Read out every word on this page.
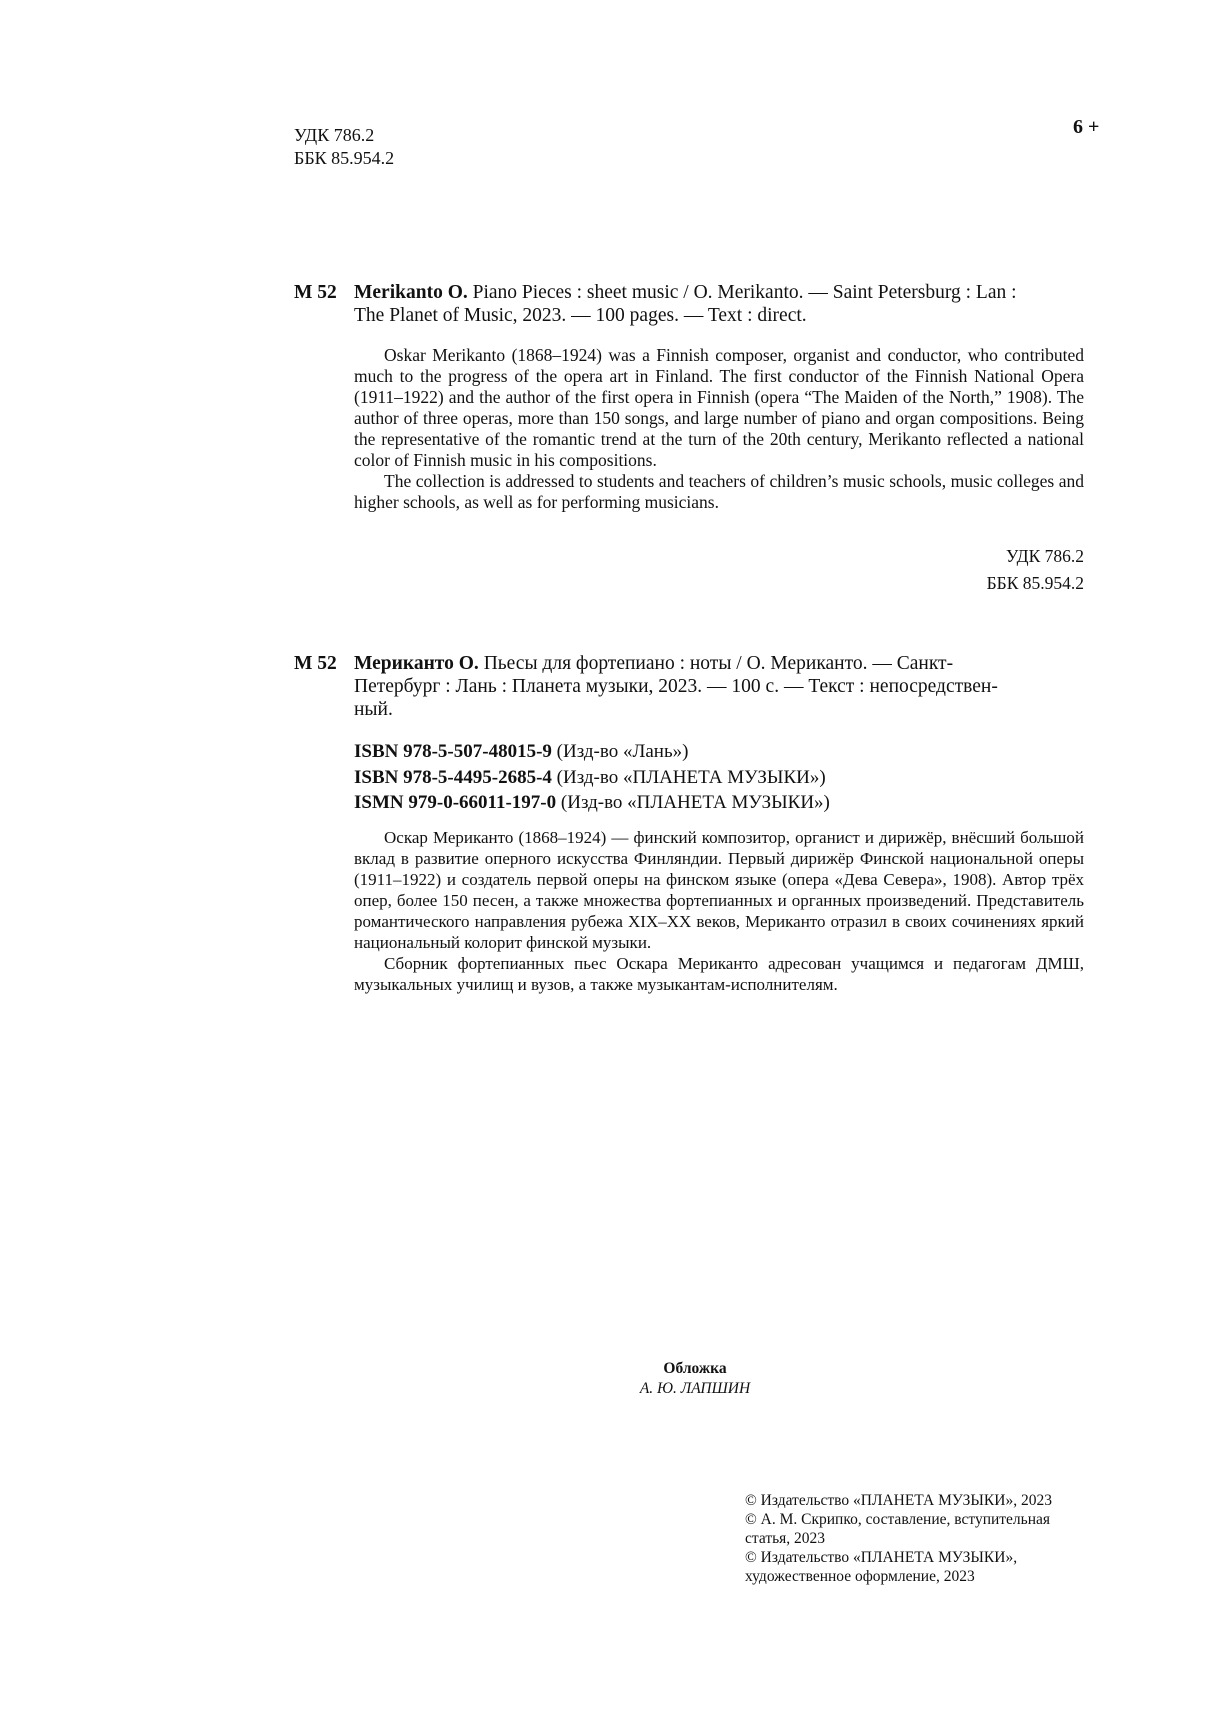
УДК 786.2
ББК 85.954.2
6 +
М 52 Merikanto O. Piano Pieces : sheet music / O. Merikanto. — Saint Petersburg : Lan :
The Planet of Music, 2023. — 100 pages. — Text : direct.

Oskar Merikanto (1868–1924) was a Finnish composer, organist and conductor, who contributed much to the progress of the opera art in Finland. The first conductor of the Finnish National Opera (1911–1922) and the author of the first opera in Finnish (opera “The Maiden of the North,” 1908). The author of three operas, more than 150 songs, and large number of piano and organ compositions. Being the representative of the romantic trend at the turn of the 20th century, Merikanto reflected a national color of Finnish music in his compositions.

The collection is addressed to students and teachers of children’s music schools, music colleges and higher schools, as well as for performing musicians.

УДК 786.2
ББК 85.954.2
М 52 Мериканто О. Пьесы для фортепиано : ноты / О. Мериканто. — Санкт-
Петербург : Лань : Планета музыки, 2023. — 100 с. — Текст : непосредствен-
ный.
ISBN 978-5-507-48015-9 (Изд-во «Лань»)
ISBN 978-5-4495-2685-4 (Изд-во «ПЛАНЕТА МУЗЫКИ»)
ISMN 979-0-66011-197-0 (Изд-во «ПЛАНЕТА МУЗЫКИ»)

Оскар Мериканто (1868–1924) — финский композитор, органист и дирижёр, внёсший большой вклад в развитие оперного искусства Финляндии. Первый дирижёр Финской национальной оперы (1911–1922) и создатель первой оперы на финском языке (опера «Дева Севера», 1908). Автор трёх опер, более 150 песен, а также множества фортепианных и органных произведений. Представитель романтического направления рубежа XIX–XX веков, Мериканто отразил в своих сочинениях яркий национальный колорит финской музыки.

Сборник фортепианных пьес Оскара Мериканто адресован учащимся и педагогам ДМШ, музыкальных училищ и вузов, а также музыкантам-исполнителям.

Обложка
А. Ю. ЛАПШИН
© Издательство «ПЛАНЕТА МУЗЫКИ», 2023
© А. М. Скрипко, составление, вступительная
статья, 2023
© Издательство «ПЛАНЕТА МУЗЫКИ»,
художественное оформление, 2023
